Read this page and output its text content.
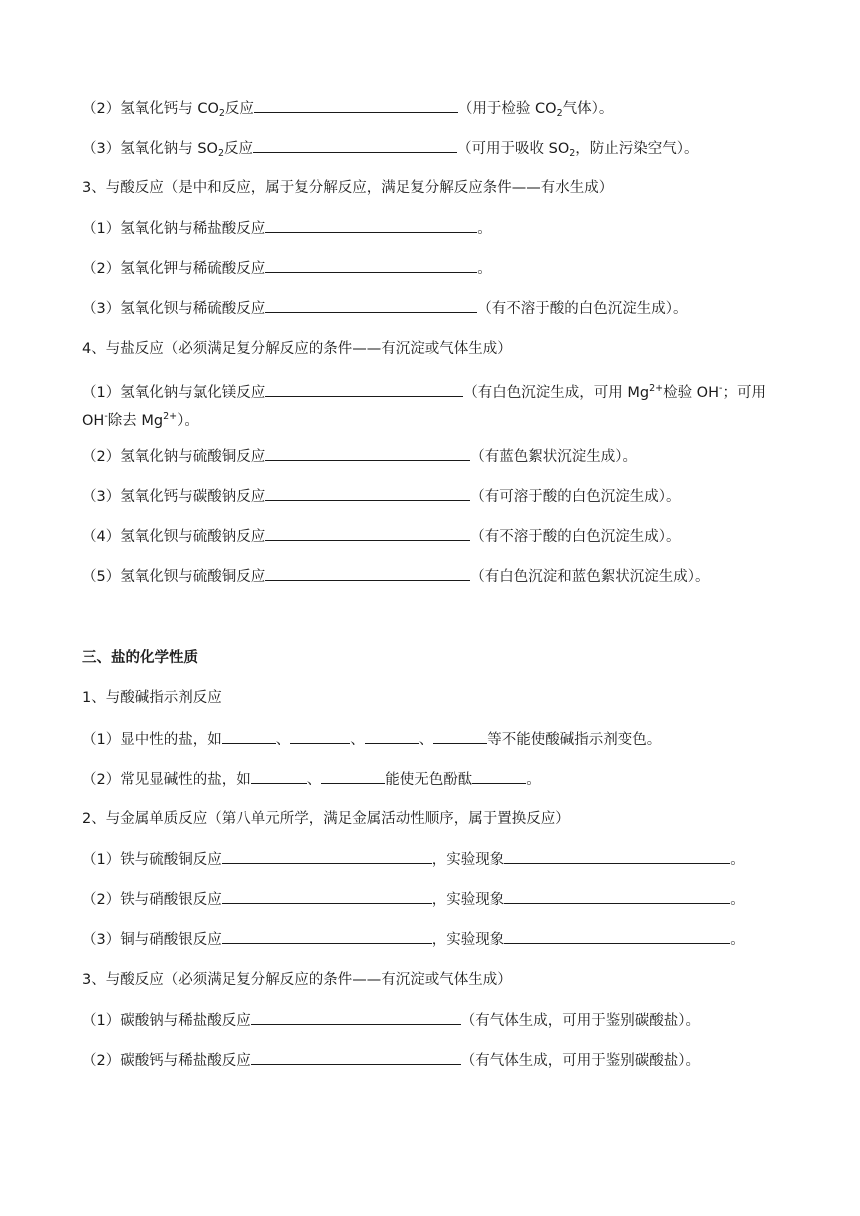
（2）氢氧化钙与 $CO_2$反应	（用于检验 $CO_2$气体）。
（3）氢氧化钠与 $SO_2$反应	（可用于吸收 $SO_2$，防止污染空气）。
3、与酸反应（是中和反应，属于复分解反应，满足复分解反应条件——有水生成）
（1）氢氧化钠与稀盐酸反应	。
（2）氢氧化钾与稀硫酸反应	。
（3）氢氧化钡与稀硫酸反应	（有不溶于酸的白色沉淀生成）。
4、与盐反应（必须满足复分解反应的条件——有沉淀或气体生成）
（1）氢氧化钠与氯化镁反应	（有白色沉淀生成，可用 $Mg^{2+}$检验 OH-；可用
OH-除去 $Mg^{2+}$）。
（2）氢氧化钠与硫酸铜反应	（有蓝色絮状沉淀生成）。
（3）氢氧化钙与碳酸钠反应	（有可溶于酸的白色沉淀生成）。
（4）氢氧化钡与硫酸钠反应	（有不溶于酸的白色沉淀生成）。
（5）氢氧化钡与硫酸铜反应	（有白色沉淀和蓝色絮状沉淀生成）。
三、盐的化学性质
1、与酸碱指示剂反应
（1）显中性的盐，如	、	、	、	等不能使酸碱指示剂变色。
（2）常见显碱性的盐，如	、	能使无色酚酞	。
2、与金属单质反应（第八单元所学，满足金属活动性顺序，属于置换反应）
（1）铁与硫酸铜反应	，实验现象	。
（2）铁与硝酸银反应	，实验现象	。
（3）铜与硝酸银反应	，实验现象	。
3、与酸反应（必须满足复分解反应的条件——有沉淀或气体生成）
（1）碳酸钠与稀盐酸反应	（有气体生成，可用于鉴别碳酸盐）。
（2）碳酸钙与稀盐酸反应	（有气体生成，可用于鉴别碳酸盐）。
